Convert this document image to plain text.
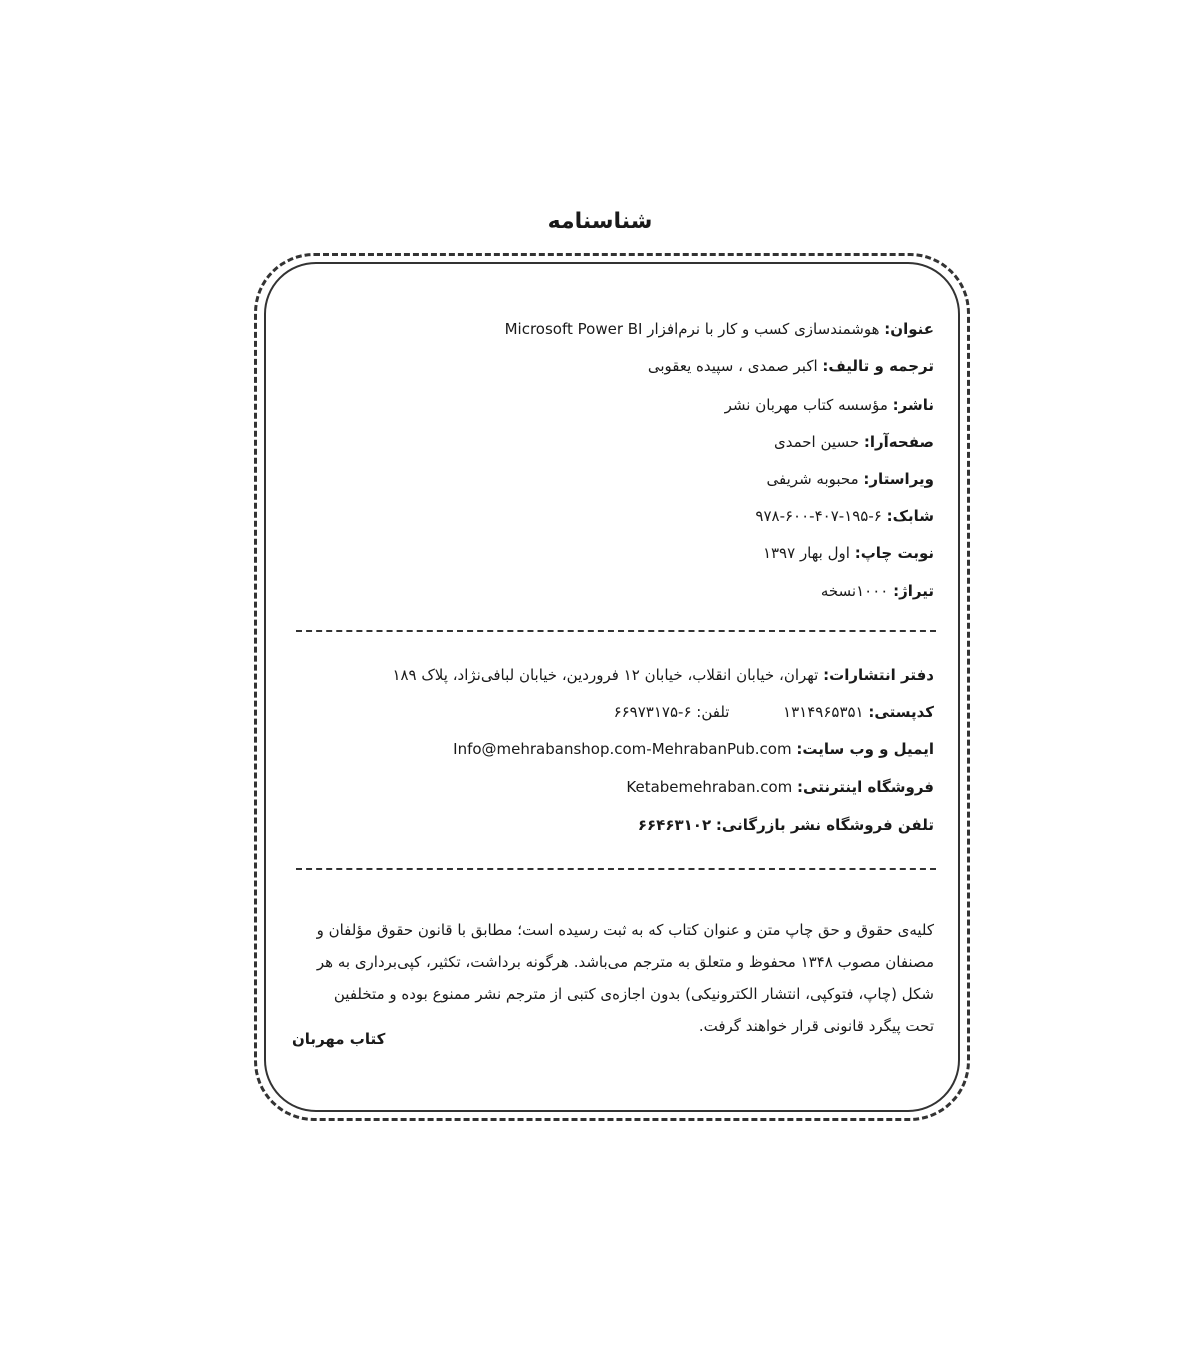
شناسنامه
عنوان: هوشمندسازی کسب و کار با نرم‌افزار Microsoft Power BI
ترجمه و تالیف: اکبر صمدی ، سپیده یعقوبی
ناشر: مؤسسه کتاب مهربان نشر
صفحه‌آرا: حسین احمدی
ویراستار: محبوبه شریفی
شابک: ۶-۱۹۵-۴۰۷-۶۰۰-۹۷۸
نوبت چاپ: اول بهار ۱۳۹۷
تیراژ: ۱۰۰۰نسخه
دفتر انتشارات: تهران، خیابان انقلاب، خیابان ۱۲ فروردین، خیابان لبافی‌نژاد، پلاک ۱۸۹
کدپستی: ۱۳۱۴۹۶۵۳۵۱  تلفن: ۶-۶۶۹۷۳۱۷۵
ایمیل و وب سایت: Info@mehrabanshop.com-MehrabanPub.com
فروشگاه اینترنتی: Ketabemehraban.com
تلفن فروشگاه نشر بازرگانی: ۶۶۴۶۳۱۰۲
کلیه‌ی حقوق و حق چاپ متن و عنوان کتاب که به ثبت رسیده است؛ مطابق با قانون حقوق مؤلفان و
مصنفان مصوب ۱۳۴۸ محفوظ و متعلق به مترجم می‌باشد. هرگونه برداشت، تکثیر، کپی‌برداری به هر
شکل (چاپ، فتوکپی، انتشار الکترونیکی) بدون اجازه‌ی کتبی از مترجم نشر ممنوع بوده و متخلفین
تحت پیگرد قانونی قرار خواهند گرفت.
کتاب مهربان
